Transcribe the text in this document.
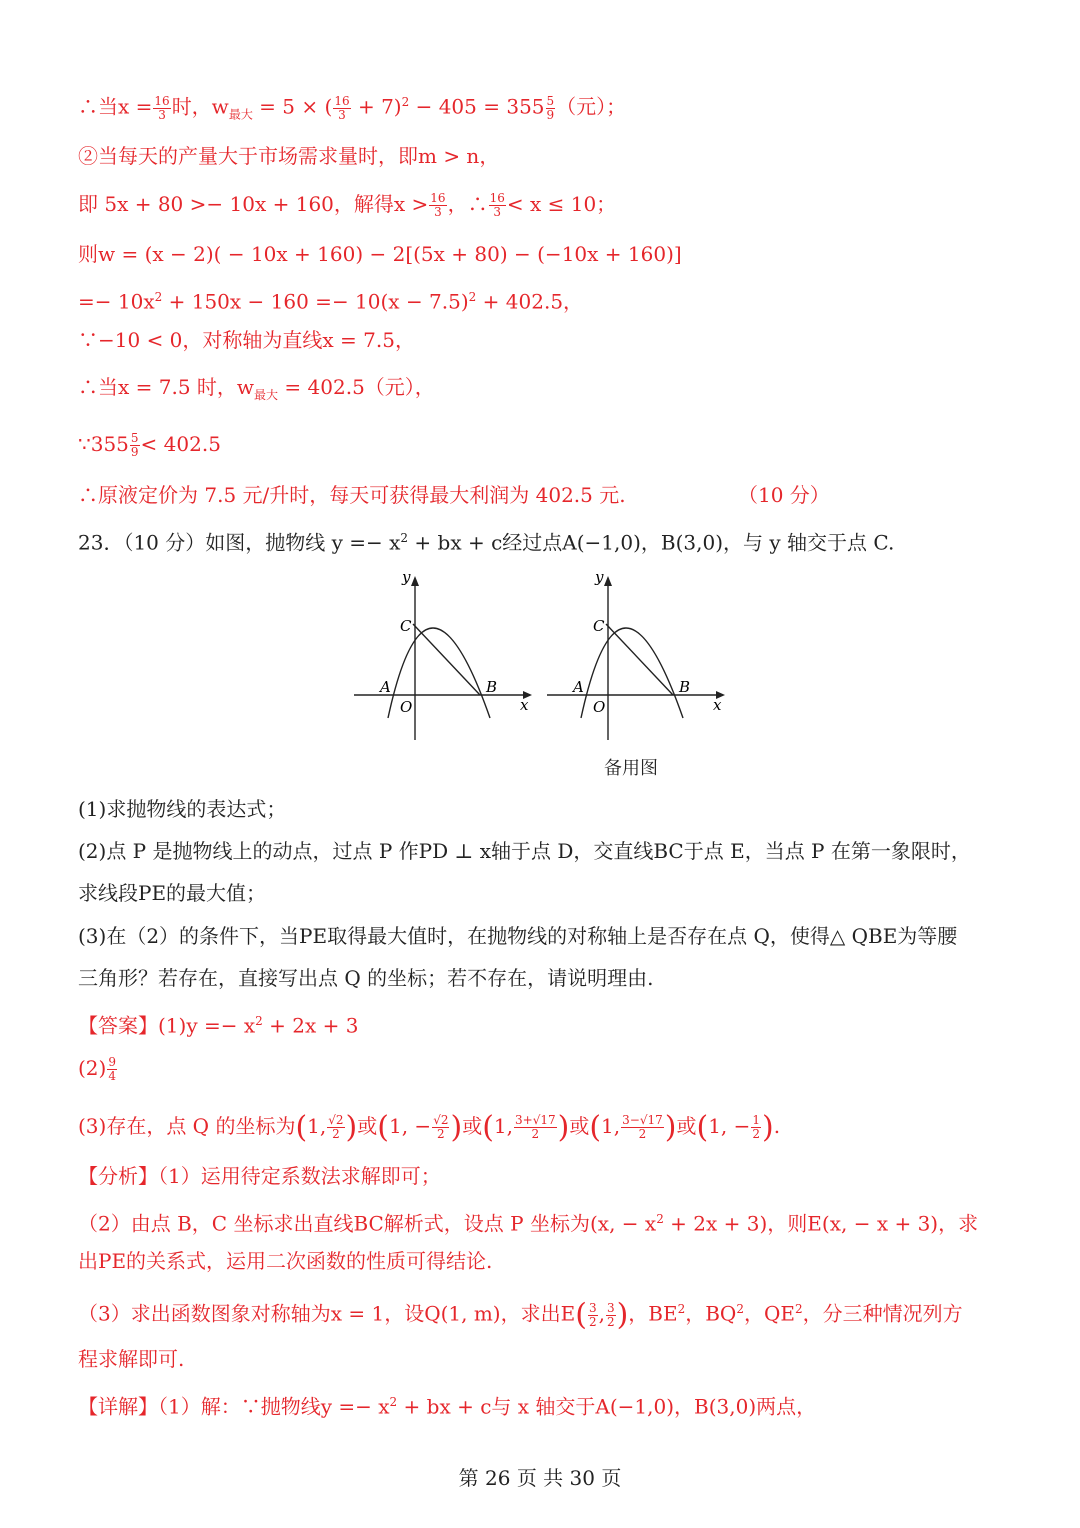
∴当$x = \frac{16}{3}$ 时，$w_{最大} = 5$ × ( $\frac{16}{3} + 7)^2 - 405 = 355 \frac{5}{9}$ （元）；
②当每天的产量大于市场需求量时，即m > n，
即 5x + 80 >− 10x + 160，解得$x > \frac{16}{3}$ ，∴ $\frac{16}{3} < x \le 10$；
则w = (x − 2)( − 10x + 160) − 2[(5x + 80) − (−10x + 160)]
=− $10x^2 + 150x - 160 =- 10(x - 7.5)^2 + 402.5$，
∵−10 < 0，对称轴为直线x = 7.5，
∴当x = 7.5 时，$w_{最大} = 402.5$（元），
∵355 $\frac{5}{9} < 402.5$
∴原液定价为 7.5 元/升时，每天可获得最大利润为 402.5 元.	（10 分）
23．（10 分）如图，抛物线 $y =- x^2$ + bx + c经过点A(−1,0)，B(3,0)，与 y 轴交于点 C.
y
x
O
A	B
C
y
x
O
A	B
C
备用图
(1)求抛物线的表达式；
(2)点 P 是抛物线上的动点，过点 P 作PD ⊥ x轴于点 D，交直线BC于点 E，当点 P 在第一象限时，
求线段PE的最大值；
(3)在（2）的条件下，当PE取得最大值时，在抛物线的对称轴上是否存在点 Q，使得△ QBE为等腰
三角形？若存在，直接写出点 Q 的坐标；若不存在，请说明理由.
【答案】$(1)y =- x^2 + 2x + 3$
$(2) \frac{9}{4}$
(3)存在，点 Q 的坐标为(1, $\frac{√2}{2}$ )或(1, − $\frac{√2}{2}$ )或(1, $\frac{3+√17}{2}$ )或(1, $\frac{3-√17}{2}$ )或(1, − $\frac{1}{2}$ ).
【分析】（1）运用待定系数法求解即可；
（2）由点 B，C 坐标求出直线BC解析式，设点 P 坐标为(x, − $x^2 + 2x + 3$)，则E(x, − x + 3)，求
出PE的关系式，运用二次函数的性质可得结论.
（3）求出函数图象对称轴为x = 1，设Q(1, m)，求出$E( \frac{3}{2}$ , $\frac{3}{2}$ )，$BE^2$，$BQ^2$，$QE^2$，分三种情况列方
程求解即可.
【详解】（1）解：∵抛物线$y =- x^2$ + bx + c与 x 轴交于A(−1,0)，B(3,0)两点，
第 26 页 共 30 页
